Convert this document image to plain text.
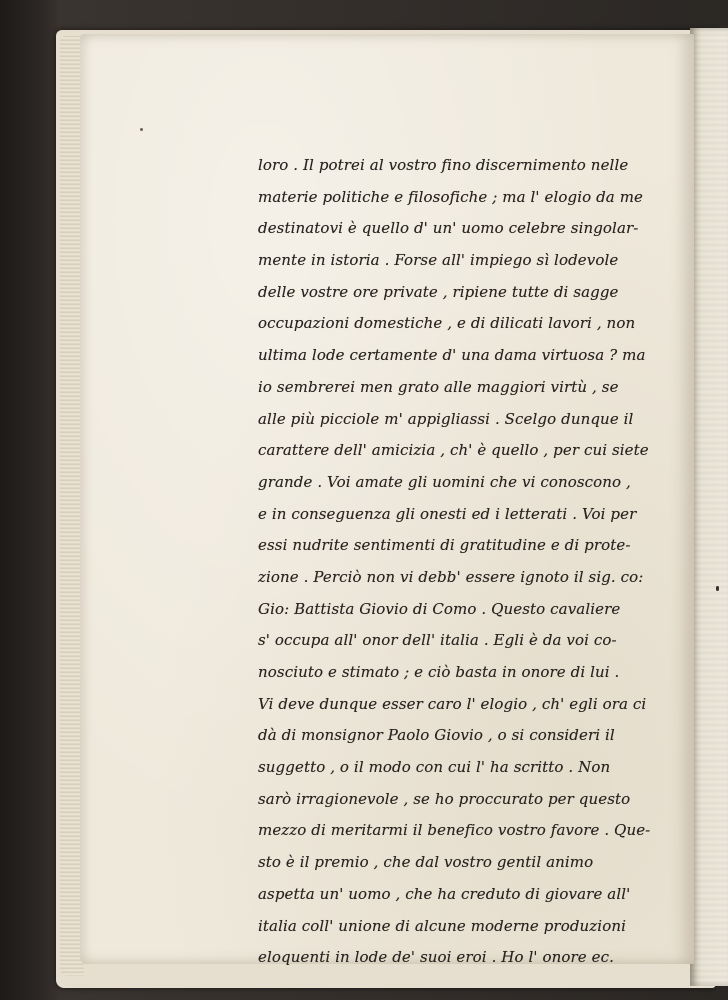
loro . Il potrei al vostro fino discernimento nelle
materie politiche e filosofiche ; ma l' elogio da me
destinatovi è quello d' un' uomo celebre singolar-
mente in istoria . Forse all' impiego sì lodevole
delle vostre ore private , ripiene tutte di sagge
occupazioni domestiche , e di dilicati lavori , non
ultima lode certamente d' una dama virtuosa ? ma
io sembrerei men grato alle maggiori virtù , se
alle più picciole m' appigliassi . Scelgo dunque il
carattere dell' amicizia , ch' è quello , per cui siete
grande . Voi amate gli uomini che vi conoscono ,
e in conseguenza gli onesti ed i letterati . Voi per
essi nudrite sentimenti di gratitudine e di prote-
zione . Perciò non vi debb' essere ignoto il sig. co:
Gio: Battista Giovio di Como . Questo cavaliere
s' occupa all' onor dell' italia . Egli è da voi co-
nosciuto e stimato ; e ciò basta in onore di lui .
Vi deve dunque esser caro l' elogio , ch' egli ora ci
dà di monsignor Paolo Giovio , o si consideri il
suggetto , o il modo con cui l' ha scritto . Non
sarò irragionevole , se ho proccurato per questo
mezzo di meritarmi il benefico vostro favore . Que-
sto è il premio , che dal vostro gentil animo
aspetta un' uomo , che ha creduto di giovare all'
italia coll' unione di alcune moderne produzioni
eloquenti in lode de' suoi eroi . Ho l' onore ec.
